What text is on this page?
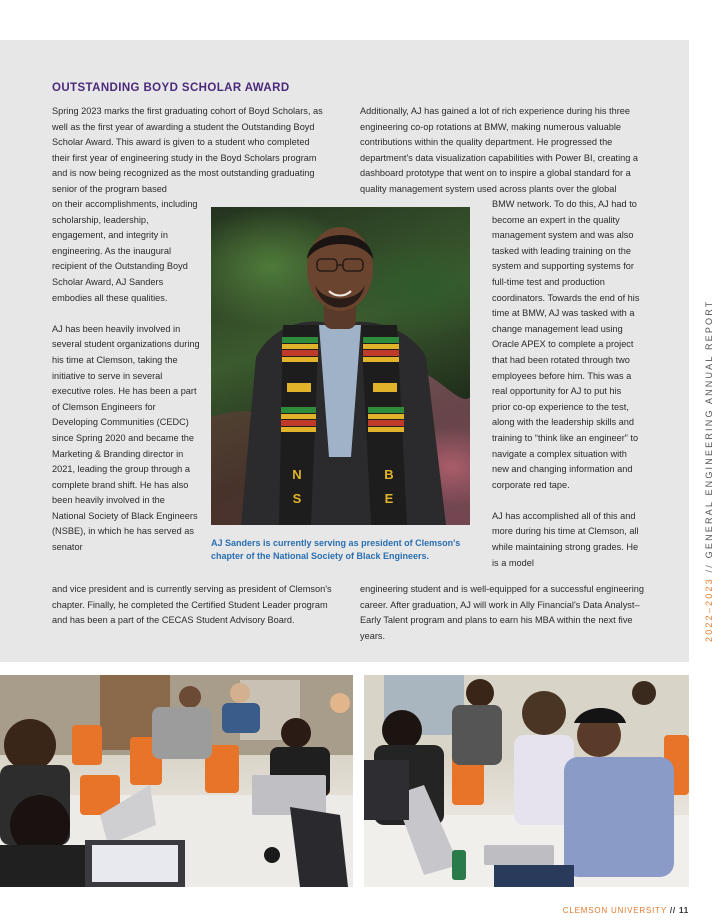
OUTSTANDING BOYD SCHOLAR AWARD

Spring 2023 marks the first graduating cohort of Boyd Scholars, as well as the first year of awarding a student the Outstanding Boyd Scholar Award. This award is given to a student who completed their first year of engineering study in the Boyd Scholars program and is now being recognized as the most outstanding graduating senior of the program based

on their accomplishments, including scholarship, leadership, engagement, and integrity in engineering. As the inaugural recipient of the Outstanding Boyd Scholar Award, AJ Sanders embodies all these qualities.

AJ has been heavily involved in several student organizations during his time at Clemson, taking the initiative to serve in several executive roles. He has been a part of Clemson Engineers for Developing Communities (CEDC) since Spring 2020 and became the Marketing & Branding director in 2021, leading the group through a complete brand shift. He has also been heavily involved in the National Society of Black Engineers (NSBE), in which he has served as senator

and vice president and is currently serving as president of Clemson's chapter. Finally, he completed the Certified Student Leader program and has been a part of the CECAS Student Advisory Board.

Additionally, AJ has gained a lot of rich experience during his three engineering co-op rotations at BMW, making numerous valuable contributions within the quality department. He progressed the department's data visualization capabilities with Power BI, creating a dashboard prototype that went on to inspire a global standard for a quality management system used across plants over the global

BMW network. To do this, AJ had to become an expert in the quality management system and was also tasked with leading training on the system and supporting systems for full-time test and production coordinators. Towards the end of his time at BMW, AJ was tasked with a change management lead using Oracle APEX to complete a project that had been rotated through two employees before him. This was a real opportunity for AJ to put his prior co-op experience to the test, along with the leadership skills and training to “think like an engineer” to navigate a complex situation with new and changing information and corporate red tape.

AJ has accomplished all of this and more during his time at Clemson, all while maintaining strong grades. He is a model

engineering student and is well-equipped for a successful engineering career. After graduation, AJ will work in Ally Financial's Data Analyst–Early Talent program and plans to earn his MBA within the next five years.

N
S
B
E
AJ Sanders is currently serving as president of Clemson's chapter of the National Society of Black Engineers.
2022–2023 // GENERAL ENGINEERING ANNUAL REPORT
CLEMSON UNIVERSITY // 11
